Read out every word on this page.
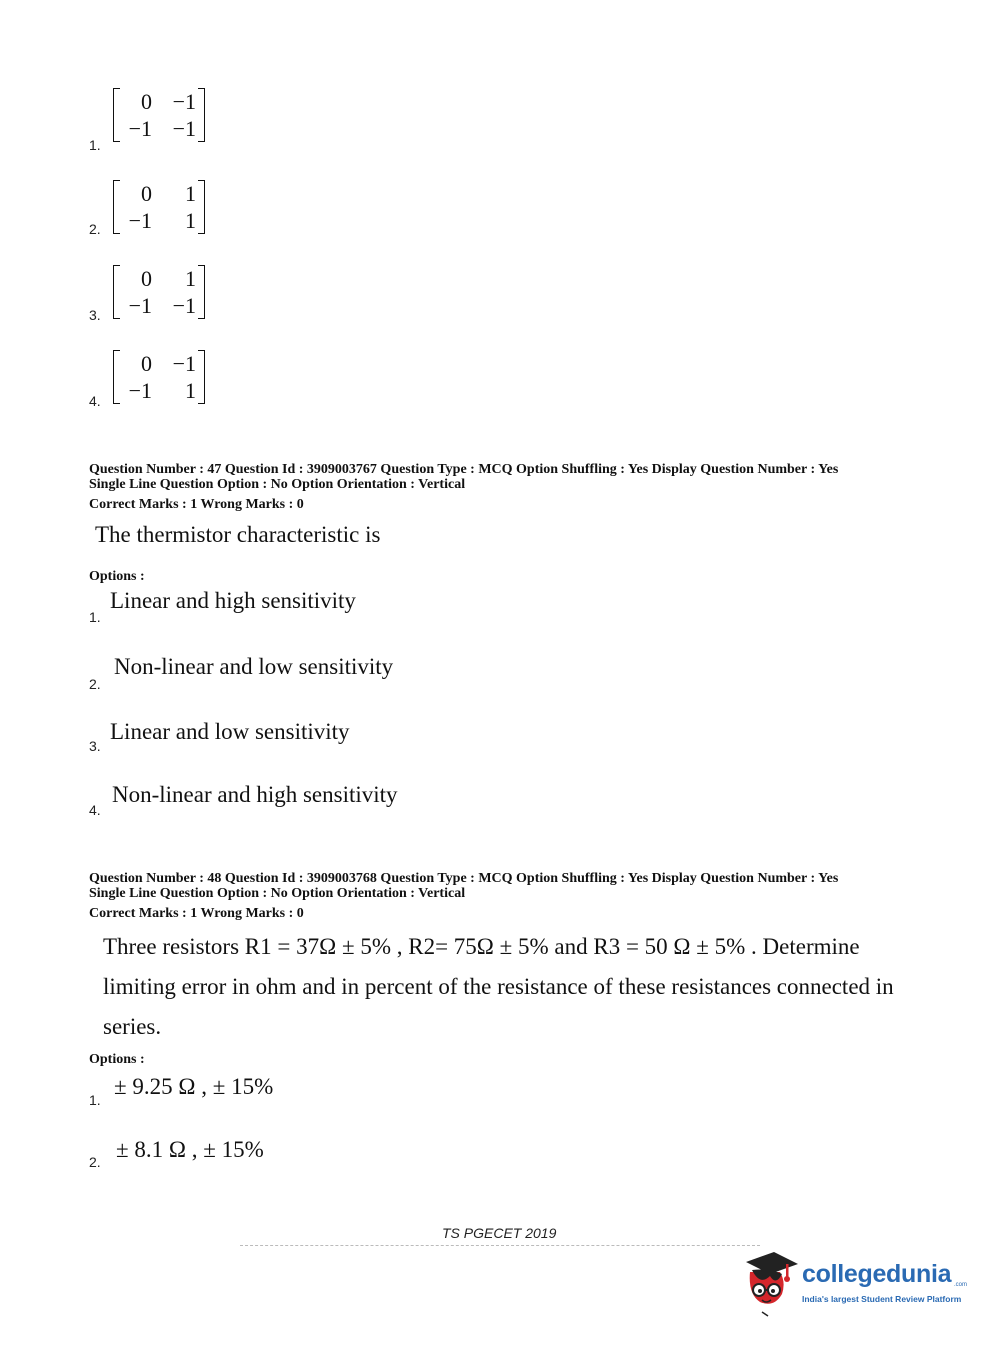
1.
0 −1
−1 −1
2.
0	1
−1	1
3.
0	1
−1 −1
4.
0 −1
−1	1
Question Number : 47 Question Id : 3909003767 Question Type : MCQ Option Shuffling : Yes Display Question Number : Yes
Single Line Question Option : No Option Orientation : Vertical
Correct Marks : 1 Wrong Marks : 0
The thermistor characteristic is
Options :
1.
Linear and high sensitivity
2.
Non-linear and low sensitivity
3.
Linear and low sensitivity
4.
Non-linear and high sensitivity
Question Number : 48 Question Id : 3909003768 Question Type : MCQ Option Shuffling : Yes Display Question Number : Yes
Single Line Question Option : No Option Orientation : Vertical
Correct Marks : 1 Wrong Marks : 0
Three resistors R1 = 37Ω ± 5% , R2= 75Ω ± 5% and R3 = 50 Ω ± 5% . Determine
limiting error in ohm and in percent of the resistance of these resistances connected in
series.
Options :
1.
± 9.25 Ω , ± 15%
2. ± 8.1 Ω , ± 15%
TS PGECET 2019
collegedunia .com
India's largest Student Review Platform
